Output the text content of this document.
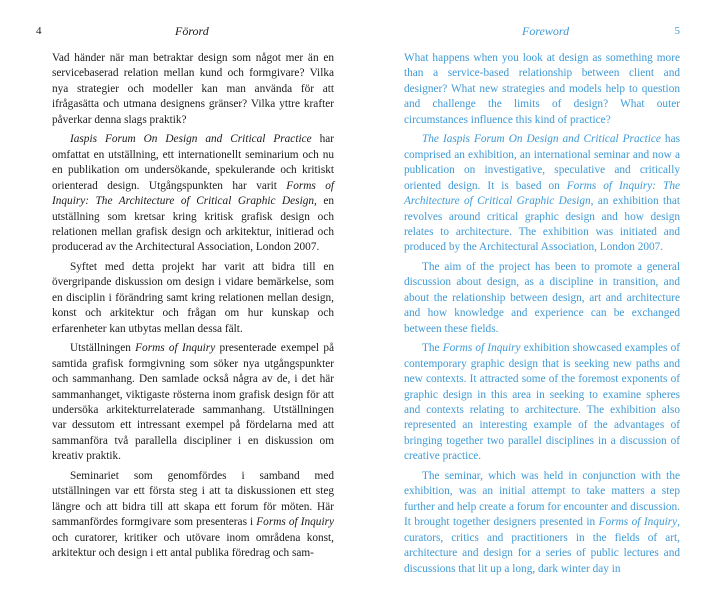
4	Förord

Vad händer när man betraktar design som något mer än en servicebaserad relation mellan kund och formgivare? Vilka nya strategier och modeller kan man använda för att ifrågasätta och utmana designens gränser? Vilka yttre krafter påverkar denna slags praktik?

Iaspis Forum On Design and Critical Practice har omfattat en utställning, ett internationellt seminarium och nu en publikation om undersökande, spekulerande och kritiskt orienterad design. Utgångspunkten har varit Forms of Inquiry: The Architecture of Critical Graphic Design, en utställning som kretsar kring kritisk grafisk design och relationen mellan grafisk design och arkitektur, initierad och producerad av the Architectural Association, London 2007.

Syftet med detta projekt har varit att bidra till en övergripande diskussion om design i vidare bemärkelse, som en disciplin i förändring samt kring relationen mellan design, konst och arkitektur och frågan om hur kunskap och erfarenheter kan utbytas mellan dessa fält.

Utställningen Forms of Inquiry presenterade exempel på samtida grafisk formgivning som söker nya utgångspunkter och sammanhang. Den samlade också några av de, i det här sammanhanget, viktigaste rösterna inom grafisk design för att undersöka arkitekturrelaterade sammanhang. Utställningen var dessutom ett intressant exempel på fördelarna med att sammanföra två parallella discipliner i en diskussion om kreativ praktik.

Seminariet som genomfördes i samband med utställningen var ett första steg i att ta diskussionen ett steg längre och att bidra till att skapa ett forum för möten. Här sammanfördes formgivare som presenteras i Forms of Inquiry och curatorer, kritiker och utövare inom områdena konst, arkitektur och design i ett antal publika föredrag och sam-

Foreword	5

What happens when you look at design as something more than a service-based relationship between client and designer? What new strategies and models help to question and challenge the limits of design? What outer circumstances influence this kind of practice?

The Iaspis Forum On Design and Critical Practice has comprised an exhibition, an international seminar and now a publication on investigative, speculative and critically oriented design. It is based on Forms of Inquiry: The Architecture of Critical Graphic Design, an exhibition that revolves around critical graphic design and how design relates to architecture. The exhibition was initiated and produced by the Architectural Association, London 2007.

The aim of the project has been to promote a general discussion about design, as a discipline in transition, and about the relationship between design, art and architecture and how knowledge and experience can be exchanged between these fields.

The Forms of Inquiry exhibition showcased examples of contemporary graphic design that is seeking new paths and new contexts. It attracted some of the foremost exponents of graphic design in this area in seeking to examine spheres and contexts relating to architecture. The exhibition also represented an interesting example of the advantages of bringing together two parallel disciplines in a discussion of creative practice.

The seminar, which was held in conjunction with the exhibition, was an initial attempt to take matters a step further and help create a forum for encounter and discussion. It brought together designers presented in Forms of Inquiry, curators, critics and practitioners in the fields of art, architecture and design for a series of public lectures and discussions that lit up a long, dark winter day in
